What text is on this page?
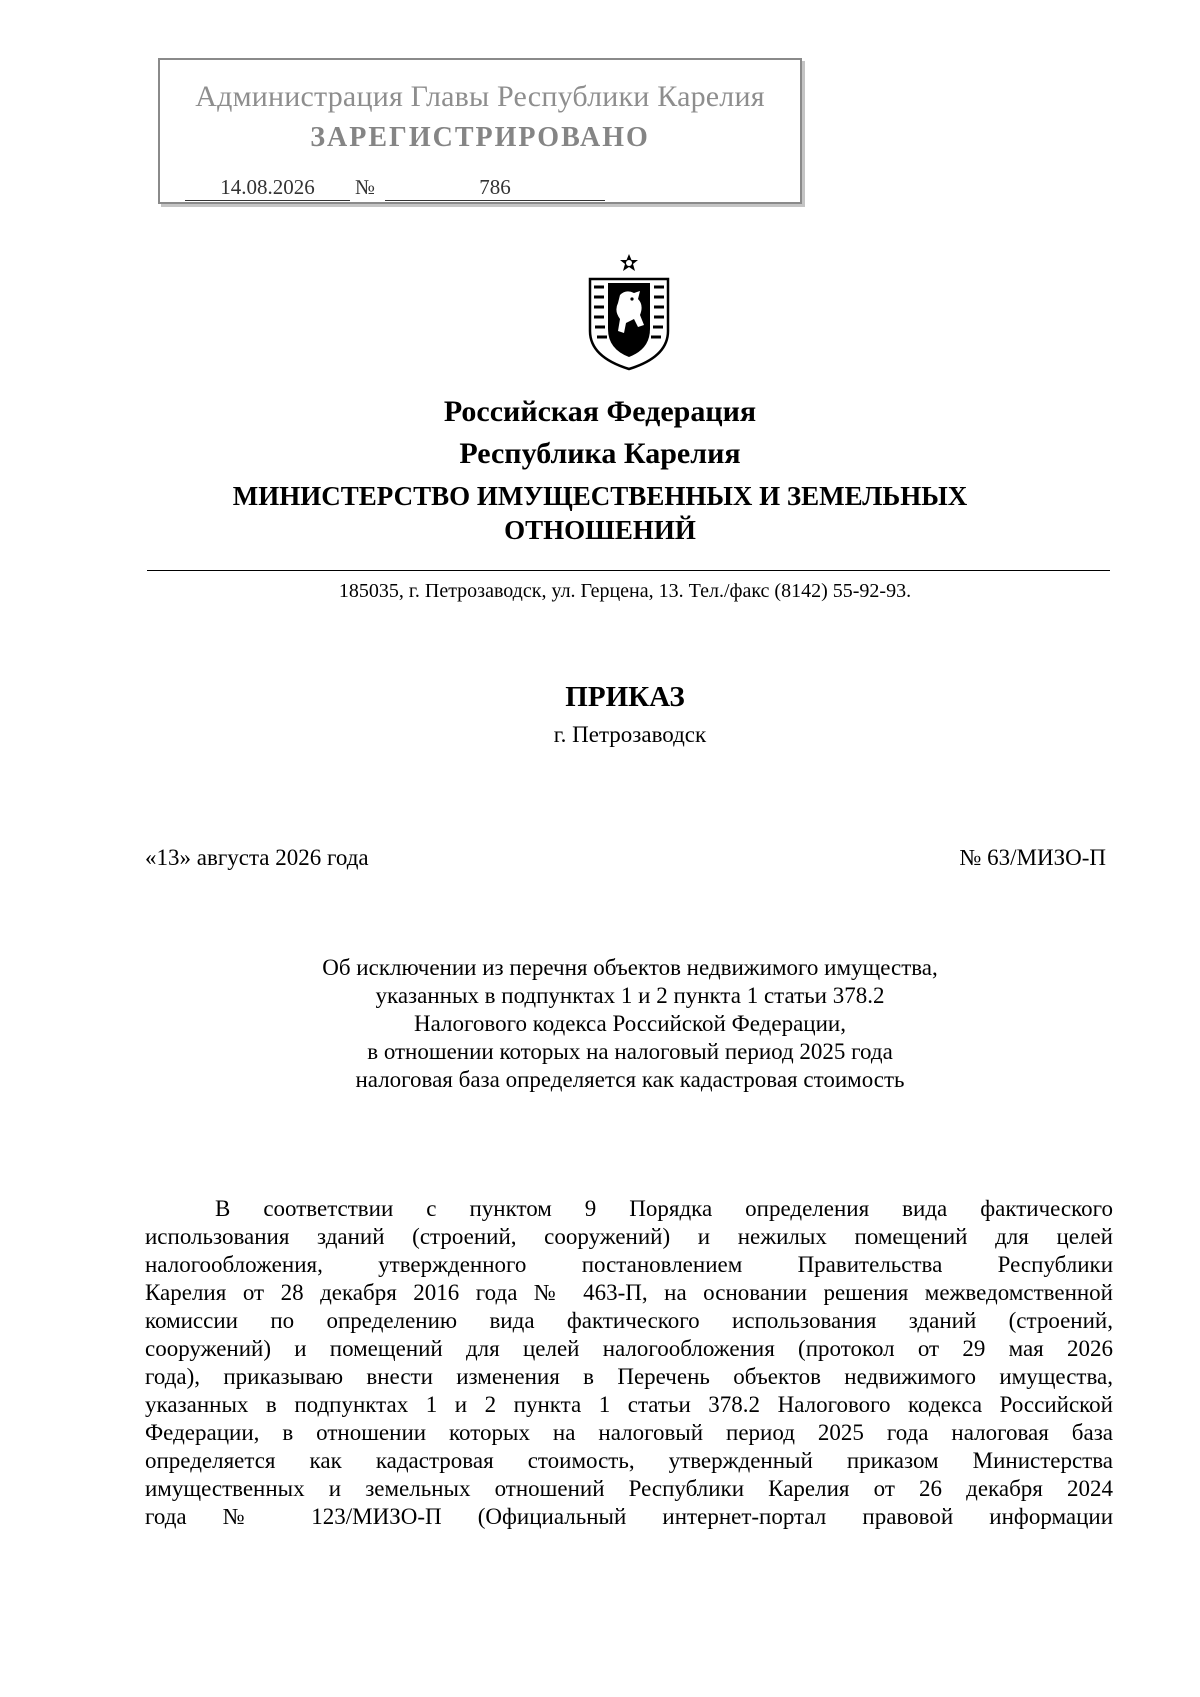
Администрация Главы Республики Карелия
ЗАРЕГИСТРИРОВАНО
14.08.2026	№	786
Российская Федерация
Республика Карелия
МИНИСТЕРСТВО ИМУЩЕСТВЕННЫХ И ЗЕМЕЛЬНЫХ
ОТНОШЕНИЙ
185035, г. Петрозаводск, ул. Герцена, 13. Тел./факс (8142) 55-92-93.
ПРИКАЗ
г. Петрозаводск
«13» августа 2026 года	№ 63/МИЗО-П
Об исключении из перечня объектов недвижимого имущества,
указанных в подпунктах 1 и 2 пункта 1 статьи 378.2
Налогового кодекса Российской Федерации,
в отношении которых на налоговый период 2025 года
налоговая база определяется как кадастровая стоимость
В соответствии с пунктом 9 Порядка определения вида фактического
использования зданий (строений, сооружений) и нежилых помещений для целей
налогообложения, утвержденного постановлением Правительства Республики
Карелия от 28 декабря 2016 года № 463-П, на основании решения межведомственной
комиссии по определению вида фактического использования зданий (строений,
сооружений) и помещений для целей налогообложения (протокол от 29 мая 2026
года), приказываю внести изменения в Перечень объектов недвижимого имущества,
указанных в подпунктах 1 и 2 пункта 1 статьи 378.2 Налогового кодекса Российской
Федерации, в отношении которых на налоговый период 2025 года налоговая база
определяется как кадастровая стоимость, утвержденный приказом Министерства
имущественных и земельных отношений Республики Карелия от 26 декабря 2024
года № 123/МИЗО-П (Официальный интернет-портал правовой информации
